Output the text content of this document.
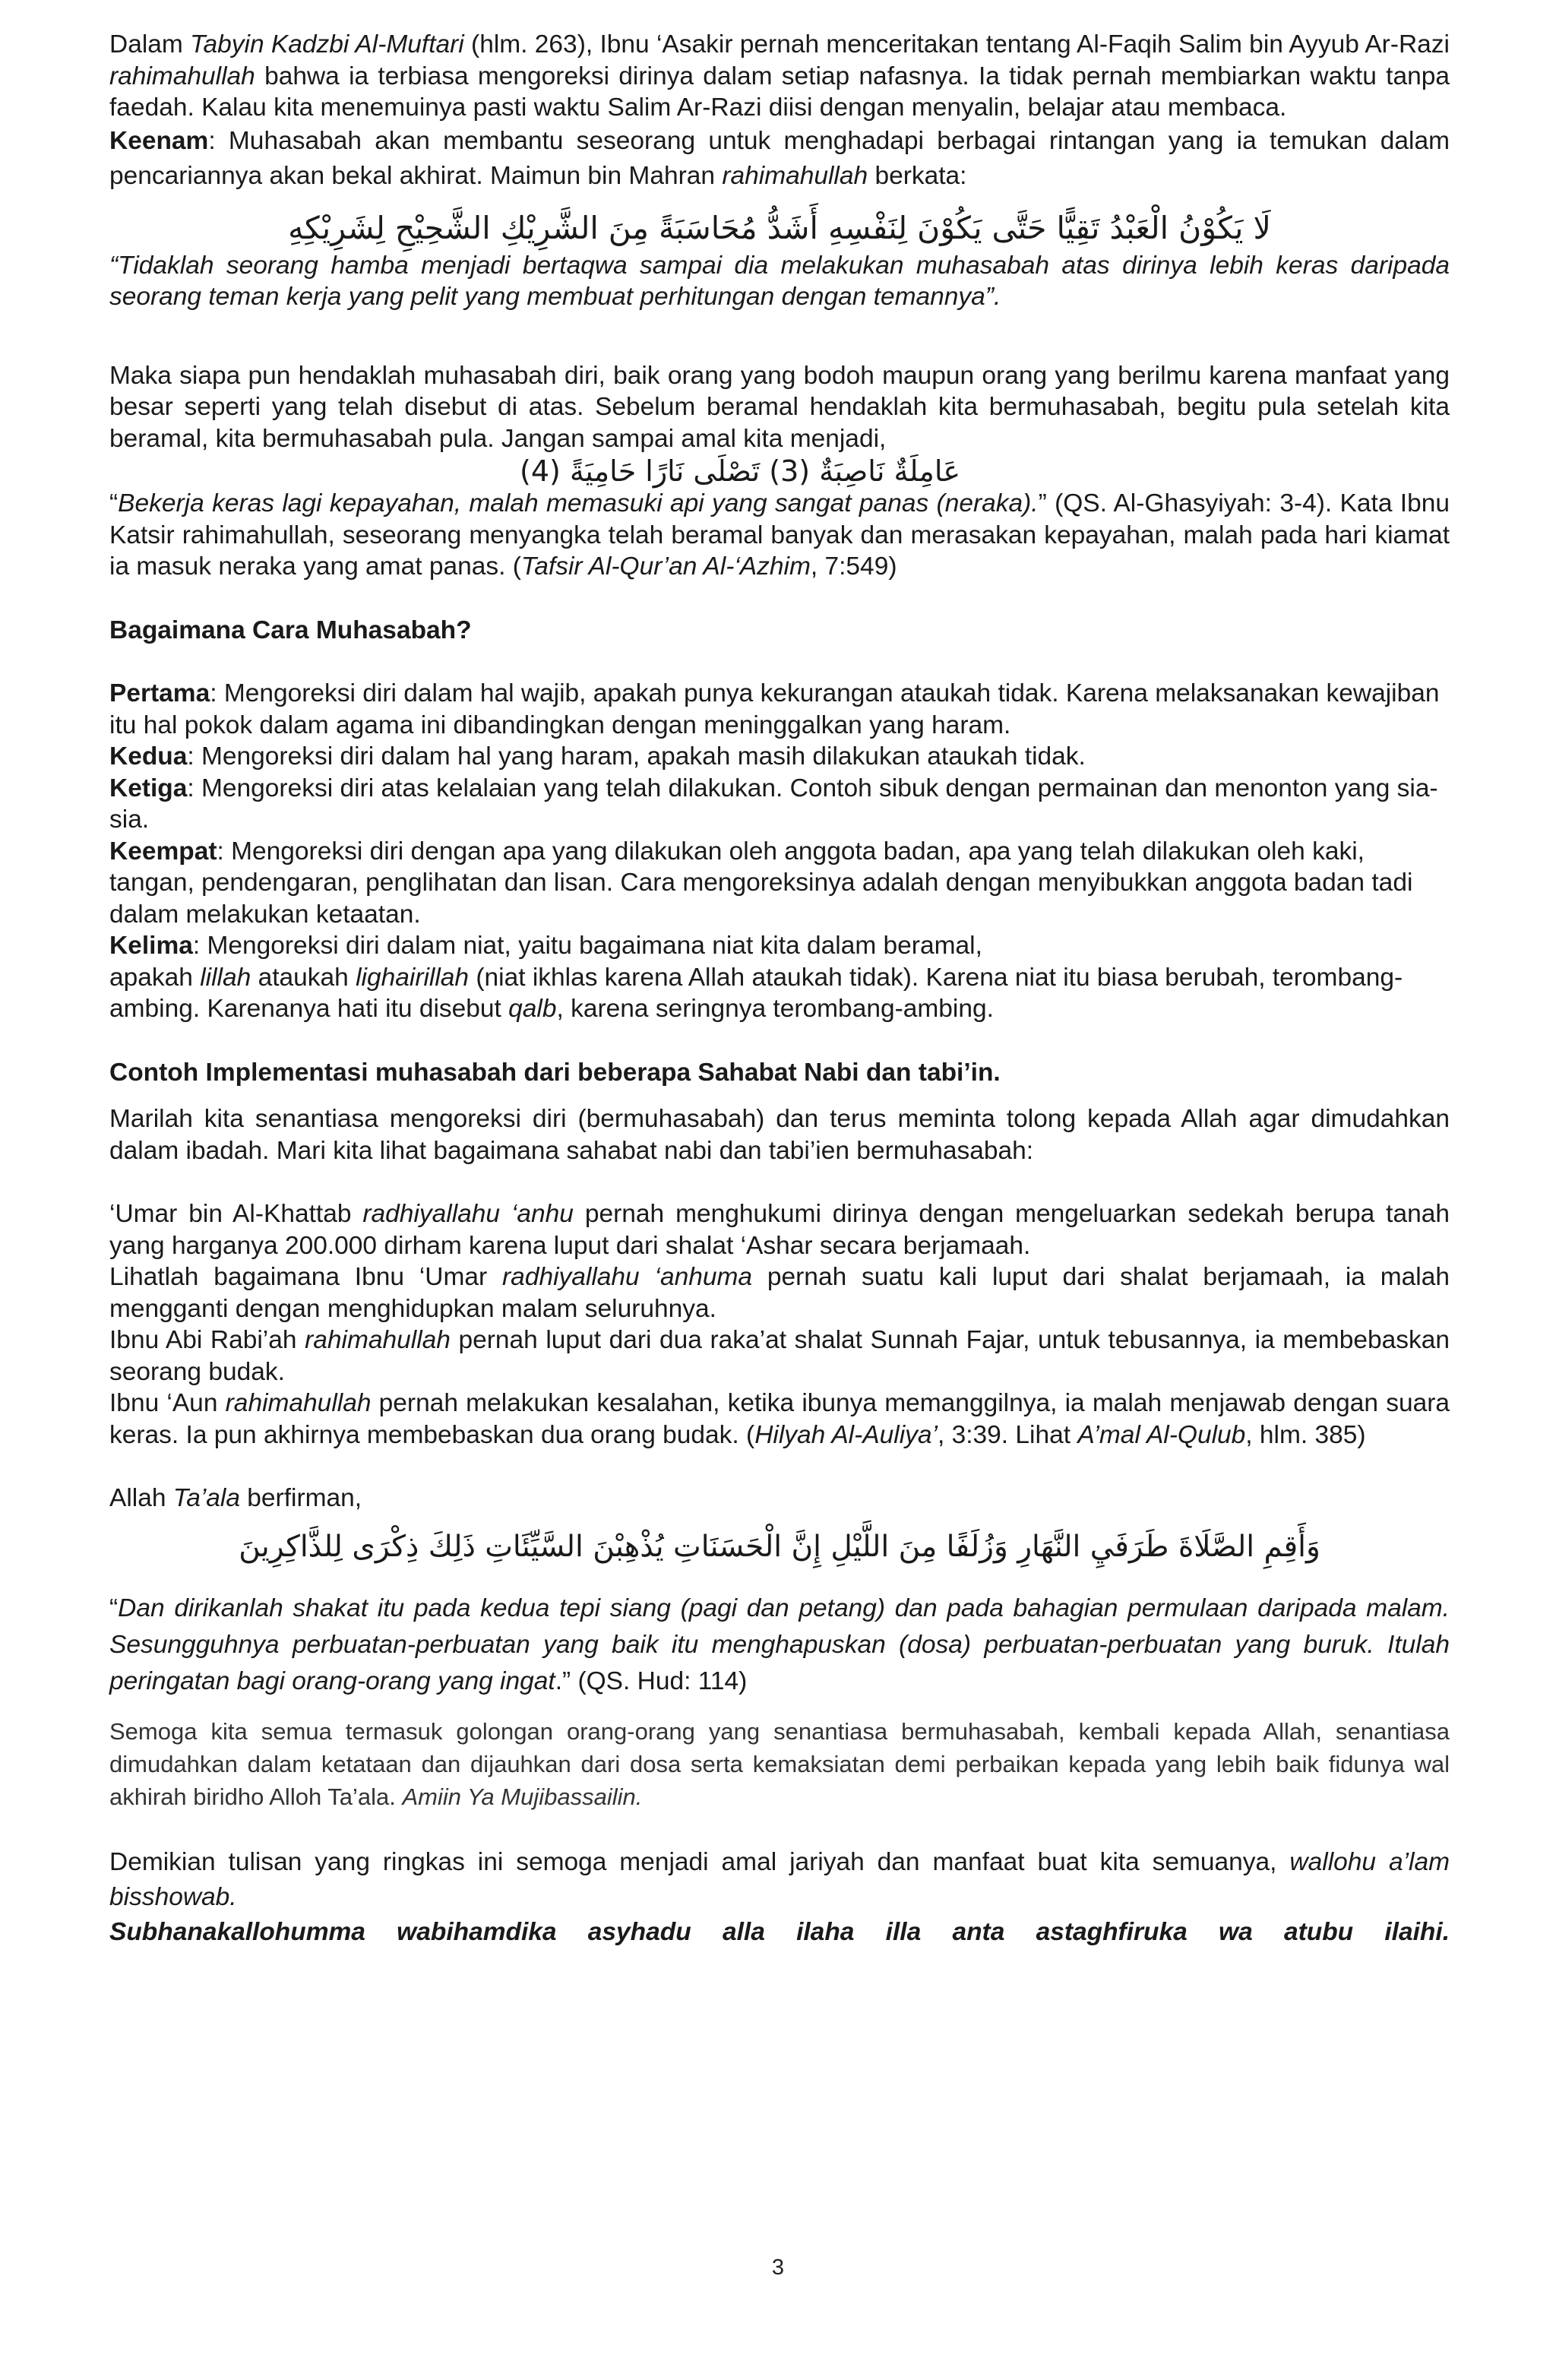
Dalam Tabyin Kadzbi Al-Muftari (hlm. 263), Ibnu ‘Asakir pernah menceritakan tentang Al-Faqih Salim bin Ayyub Ar-Razi rahimahullah bahwa ia terbiasa mengoreksi dirinya dalam setiap nafasnya. Ia tidak pernah membiarkan waktu tanpa faedah. Kalau kita menemuinya pasti waktu Salim Ar-Razi diisi dengan menyalin, belajar atau membaca.

Keenam: Muhasabah akan membantu seseorang untuk menghadapi berbagai rintangan yang ia temukan dalam pencariannya akan bekal akhirat. Maimun bin Mahran rahimahullah berkata:

لَا يَكُوْنُ الْعَبْدُ تَقِيًّا حَتَّى يَكُوْنَ لِنَفْسِهِ أَشَدُّ مُحَاسَبَةً مِنَ الشَّرِيْكِ الشَّحِيْحِ لِشَرِيْكِهِ

“Tidaklah seorang hamba menjadi bertaqwa sampai dia melakukan muhasabah atas dirinya lebih keras daripada seorang teman kerja yang pelit yang membuat perhitungan dengan temannya”.

Maka siapa pun hendaklah muhasabah diri, baik orang yang bodoh maupun orang yang berilmu karena manfaat yang besar seperti yang telah disebut di atas. Sebelum beramal hendaklah kita bermuhasabah, begitu pula setelah kita beramal, kita bermuhasabah pula. Jangan sampai amal kita menjadi,

عَامِلَةٌ نَاصِبَةٌ (3) تَصْلَى نَارًا حَامِيَةً (4)

“Bekerja keras lagi kepayahan, malah memasuki api yang sangat panas (neraka).” (QS. Al-Ghasyiyah: 3-4). Kata Ibnu Katsir rahimahullah, seseorang menyangka telah beramal banyak dan merasakan kepayahan, malah pada hari kiamat ia masuk neraka yang amat panas. (Tafsir Al-Qur’an Al-‘Azhim, 7:549)

Bagaimana Cara Muhasabah?

Pertama: Mengoreksi diri dalam hal wajib, apakah punya kekurangan ataukah tidak. Karena melaksanakan kewajiban itu hal pokok dalam agama ini dibandingkan dengan meninggalkan yang haram.

Kedua: Mengoreksi diri dalam hal yang haram, apakah masih dilakukan ataukah tidak.

Ketiga: Mengoreksi diri atas kelalaian yang telah dilakukan. Contoh sibuk dengan permainan dan menonton yang sia-sia.

Keempat: Mengoreksi diri dengan apa yang dilakukan oleh anggota badan, apa yang telah dilakukan oleh kaki, tangan, pendengaran, penglihatan dan lisan. Cara mengoreksinya adalah dengan menyibukkan anggota badan tadi dalam melakukan ketaatan.

Kelima: Mengoreksi diri dalam niat, yaitu bagaimana niat kita dalam beramal,
apakah lillah ataukah lighairillah (niat ikhlas karena Allah ataukah tidak). Karena niat itu biasa berubah, terombang-ambing. Karenanya hati itu disebut qalb, karena seringnya terombang-ambing.

Contoh Implementasi muhasabah dari beberapa Sahabat Nabi dan tabi’in.

Marilah kita senantiasa mengoreksi diri (bermuhasabah) dan terus meminta tolong kepada Allah agar dimudahkan dalam ibadah. Mari kita lihat bagaimana sahabat nabi dan tabi’ien bermuhasabah:

‘Umar bin Al-Khattab radhiyallahu ‘anhu pernah menghukumi dirinya dengan mengeluarkan sedekah berupa tanah yang harganya 200.000 dirham karena luput dari shalat ‘Ashar secara berjamaah.

Lihatlah bagaimana Ibnu ‘Umar radhiyallahu ‘anhuma pernah suatu kali luput dari shalat berjamaah, ia malah mengganti dengan menghidupkan malam seluruhnya.

Ibnu Abi Rabi’ah rahimahullah pernah luput dari dua raka’at shalat Sunnah Fajar, untuk tebusannya, ia membebaskan seorang budak.

Ibnu ‘Aun rahimahullah pernah melakukan kesalahan, ketika ibunya memanggilnya, ia malah menjawab dengan suara keras. Ia pun akhirnya membebaskan dua orang budak. (Hilyah Al-Auliya’, 3:39. Lihat A’mal Al-Qulub, hlm. 385)

Allah Ta’ala berfirman,

وَأَقِمِ الصَّلَاةَ طَرَفَيِ النَّهَارِ وَزُلَفًا مِنَ اللَّيْلِ إِنَّ الْحَسَنَاتِ يُذْهِبْنَ السَّيِّئَاتِ ذَلِكَ ذِكْرَى لِلذَّاكِرِينَ

“Dan dirikanlah shakat itu pada kedua tepi siang (pagi dan petang) dan pada bahagian permulaan daripada malam. Sesungguhnya perbuatan-perbuatan yang baik itu menghapuskan (dosa) perbuatan-perbuatan yang buruk. Itulah peringatan bagi orang-orang yang ingat.” (QS. Hud: 114)

Semoga kita semua termasuk golongan orang-orang yang senantiasa bermuhasabah, kembali kepada Allah, senantiasa dimudahkan dalam ketataan dan dijauhkan dari dosa serta kemaksiatan demi perbaikan kepada yang lebih baik fidunya wal akhirah biridho Alloh Ta’ala. Amiin Ya Mujibassailin.

Demikian tulisan yang ringkas ini semoga menjadi amal jariyah dan manfaat buat kita semuanya, wallohu a’lam bisshowab.

Subhanakallohumma wabihamdika asyhadu alla ilaha illa anta astaghfiruka wa atubu ilaihi.

3
